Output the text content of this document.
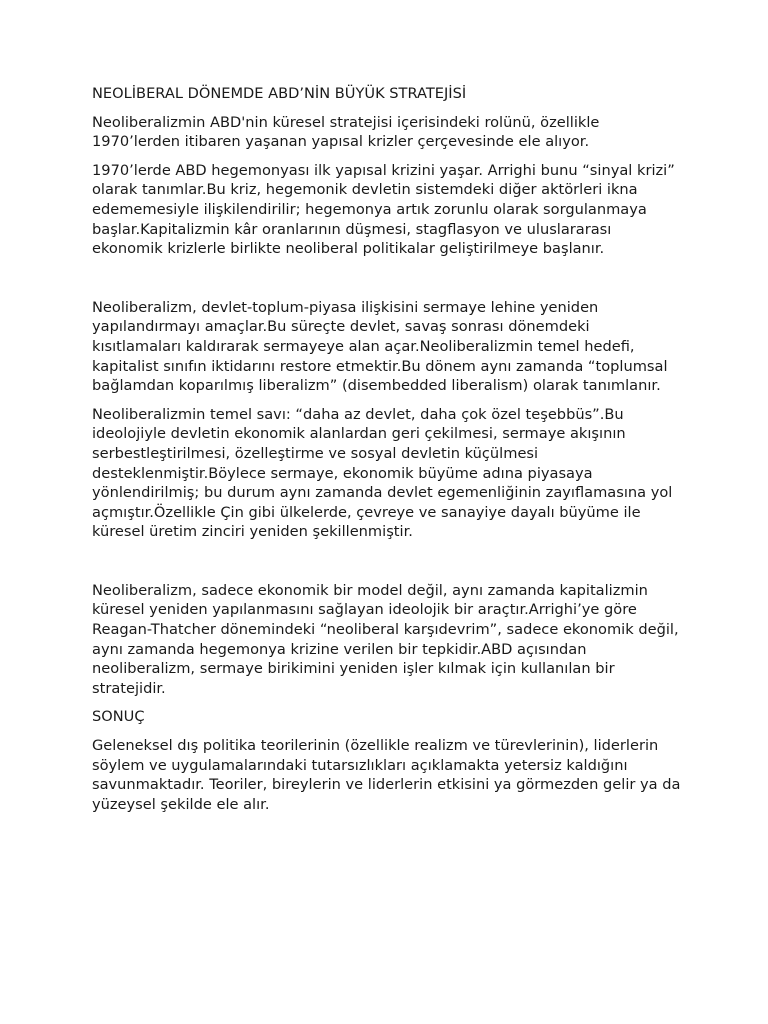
NEOLİBERAL DÖNEMDE ABD’NİN BÜYÜK STRATEJİSİ

Neoliberalizmin ABD'nin küresel stratejisi içerisindeki rolünü, özellikle 1970’lerden itibaren yaşanan yapısal krizler çerçevesinde ele alıyor.

1970’lerde ABD hegemonyası ilk yapısal krizini yaşar. Arrighi bunu “sinyal krizi” olarak tanımlar.Bu kriz, hegemonik devletin sistemdeki diğer aktörleri ikna edememesiyle ilişkilendirilir; hegemonya artık zorunlu olarak sorgulanmaya başlar.Kapitalizmin kâr oranlarının düşmesi, stagflasyon ve uluslararası ekonomik krizlerle birlikte neoliberal politikalar geliştirilmeye başlanır.

Neoliberalizm, devlet-toplum-piyasa ilişkisini sermaye lehine yeniden yapılandırmayı amaçlar.Bu süreçte devlet, savaş sonrası dönemdeki kısıtlamaları kaldırarak sermayeye alan açar.Neoliberalizmin temel hedefi, kapitalist sınıfın iktidarını restore etmektir.Bu dönem aynı zamanda “toplumsal bağlamdan koparılmış liberalizm” (disembedded liberalism) olarak tanımlanır.

Neoliberalizmin temel savı: “daha az devlet, daha çok özel teşebbüs”.Bu ideolojiyle devletin ekonomik alanlardan geri çekilmesi, sermaye akışının serbestleştirilmesi, özelleştirme ve sosyal devletin küçülmesi desteklenmiştir.Böylece sermaye, ekonomik büyüme adına piyasaya yönlendirilmiş; bu durum aynı zamanda devlet egemenliğinin zayıflamasına yol açmıştır.Özellikle Çin gibi ülkelerde, çevreye ve sanayiye dayalı büyüme ile küresel üretim zinciri yeniden şekillenmiştir.

Neoliberalizm, sadece ekonomik bir model değil, aynı zamanda kapitalizmin küresel yeniden yapılanmasını sağlayan ideolojik bir araçtır.Arrighi’ye göre Reagan-Thatcher dönemindeki “neoliberal karşıdevrim”, sadece ekonomik değil, aynı zamanda hegemonya krizine verilen bir tepkidir.ABD açısından neoliberalizm, sermaye birikimini yeniden işler kılmak için kullanılan bir stratejidir.

SONUÇ

Geleneksel dış politika teorilerinin (özellikle realizm ve türevlerinin), liderlerin söylem ve uygulamalarındaki tutarsızlıkları açıklamakta yetersiz kaldığını savunmaktadır. Teoriler, bireylerin ve liderlerin etkisini ya görmezden gelir ya da yüzeysel şekilde ele alır.
